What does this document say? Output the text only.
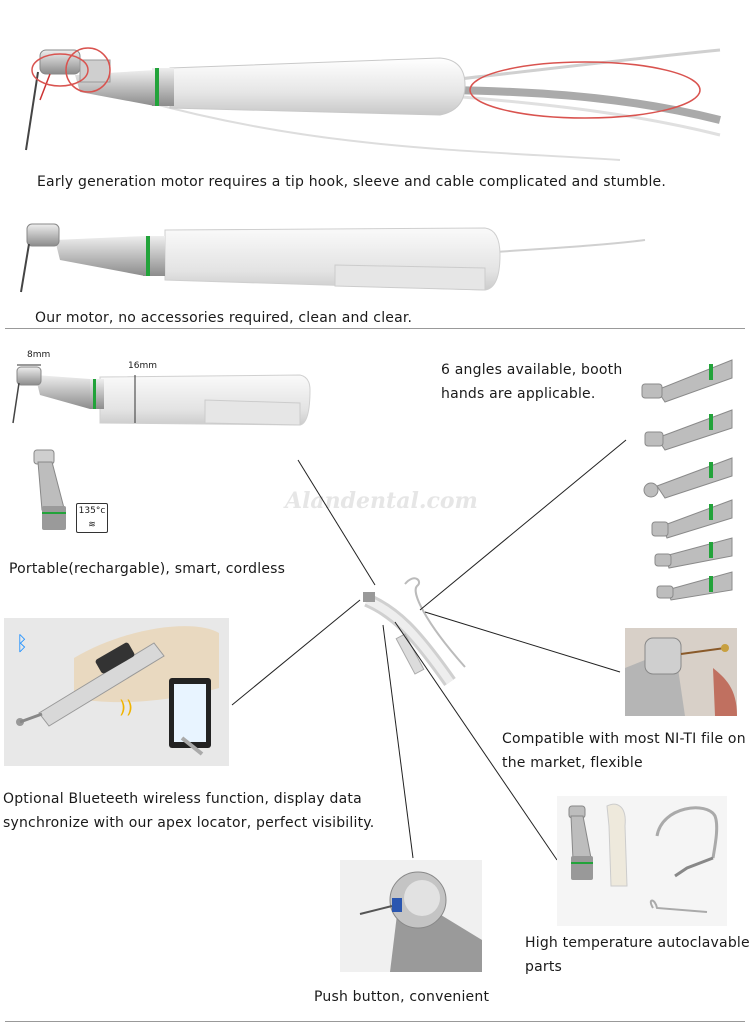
Early generation motor requires a tip hook, sleeve and cable complicated and stumble.
Our motor, no accessories required, clean and clear.
Alandental.com
8mm
16mm
135°c
≋
Portable(rechargable), smart, cordless
6 angles available, booth
hands are applicable.
ᛒ
))
Optional Blueteeth wireless function, display data
synchronize with our apex locator, perfect visibility.
Compatible with most NI-TI file on
the market, flexible
High temperature autoclavable
parts
Push button, convenient
